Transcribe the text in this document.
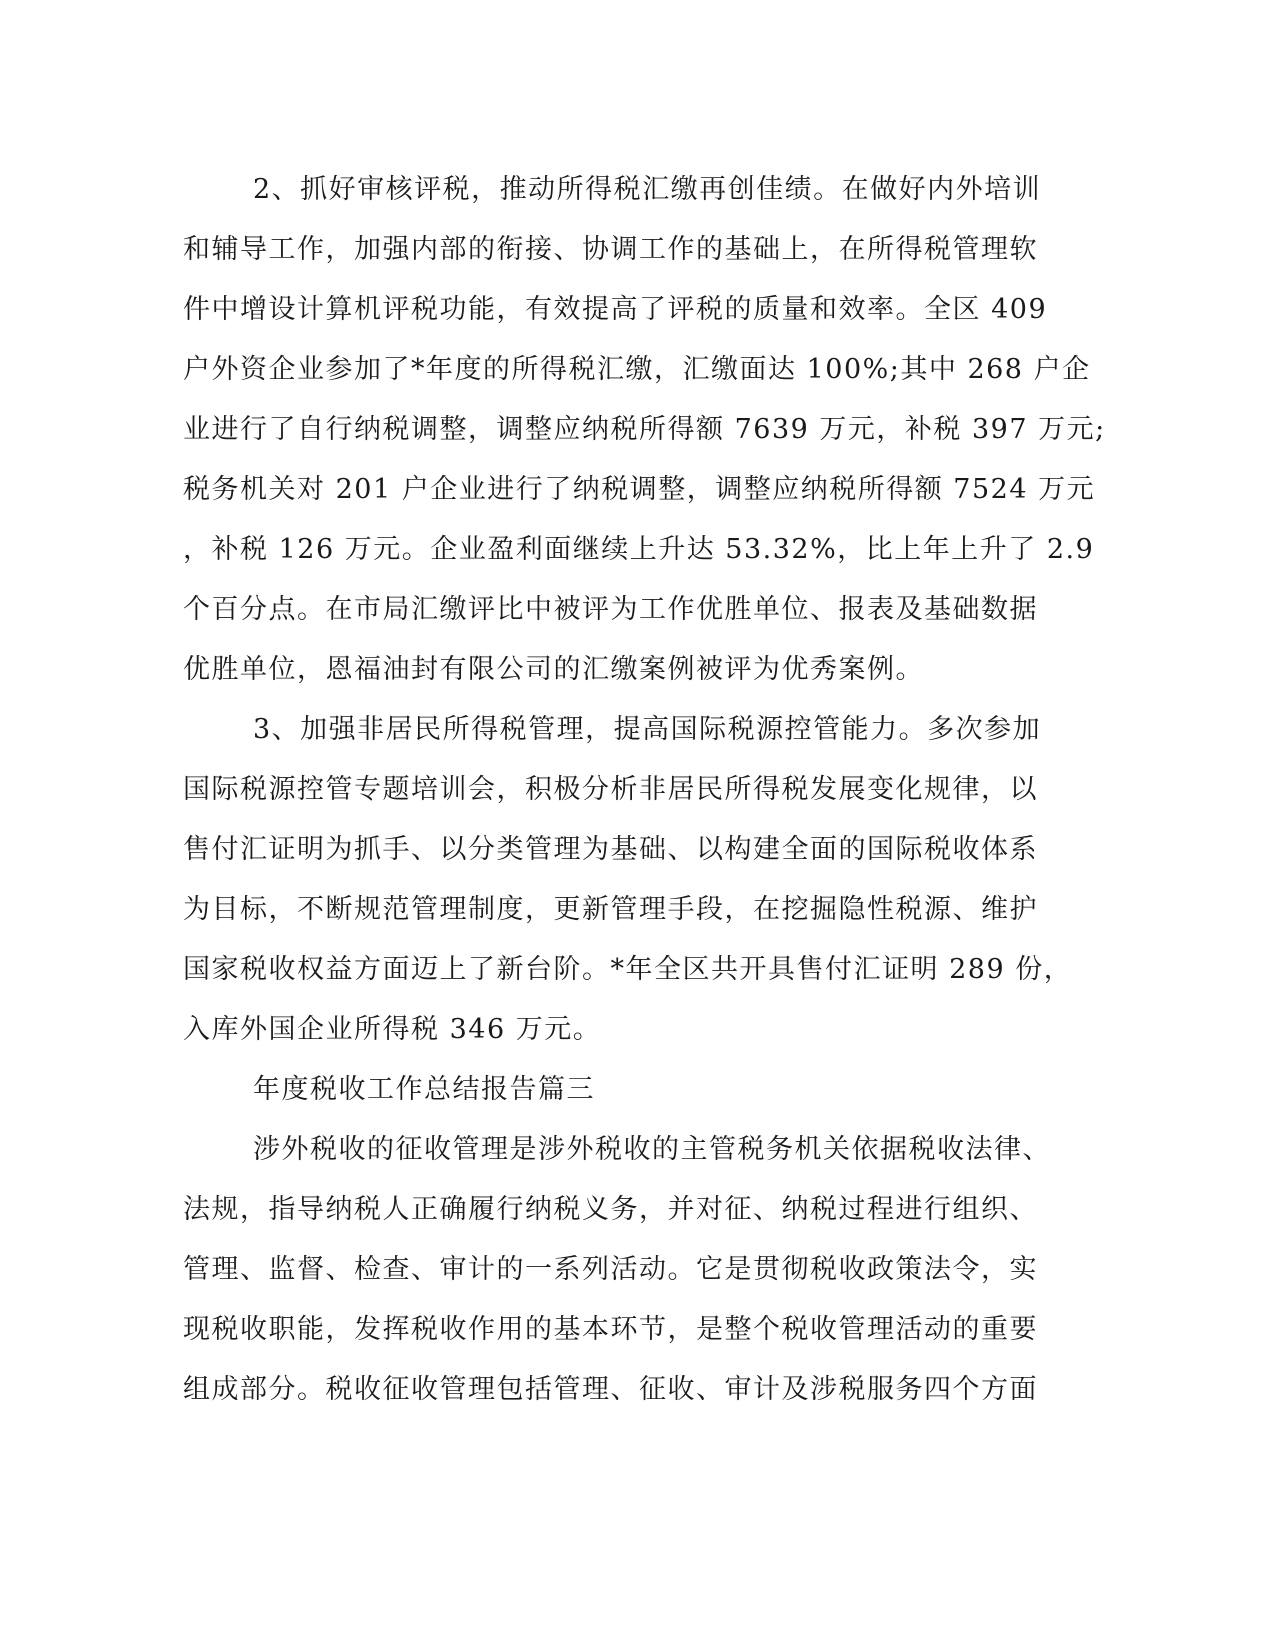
2、抓好审核评税，推动所得税汇缴再创佳绩。在做好内外培训
和辅导工作，加强内部的衔接、协调工作的基础上，在所得税管理软
件中增设计算机评税功能，有效提高了评税的质量和效率。全区 409
户外资企业参加了*年度的所得税汇缴，汇缴面达 100%;其中 268 户企
业进行了自行纳税调整，调整应纳税所得额 7639 万元，补税 397 万元;
税务机关对 201 户企业进行了纳税调整，调整应纳税所得额 7524 万元
，补税 126 万元。企业盈利面继续上升达 53.32%，比上年上升了 2.9
个百分点。在市局汇缴评比中被评为工作优胜单位、报表及基础数据
优胜单位，恩福油封有限公司的汇缴案例被评为优秀案例。
3、加强非居民所得税管理，提高国际税源控管能力。多次参加
国际税源控管专题培训会，积极分析非居民所得税发展变化规律，以
售付汇证明为抓手、以分类管理为基础、以构建全面的国际税收体系
为目标，不断规范管理制度，更新管理手段，在挖掘隐性税源、维护
国家税收权益方面迈上了新台阶。*年全区共开具售付汇证明 289 份，
入库外国企业所得税 346 万元。
年度税收工作总结报告篇三
涉外税收的征收管理是涉外税收的主管税务机关依据税收法律、
法规，指导纳税人正确履行纳税义务，并对征、纳税过程进行组织、
管理、监督、检查、审计的一系列活动。它是贯彻税收政策法令，实
现税收职能，发挥税收作用的基本环节，是整个税收管理活动的重要
组成部分。税收征收管理包括管理、征收、审计及涉税服务四个方面
